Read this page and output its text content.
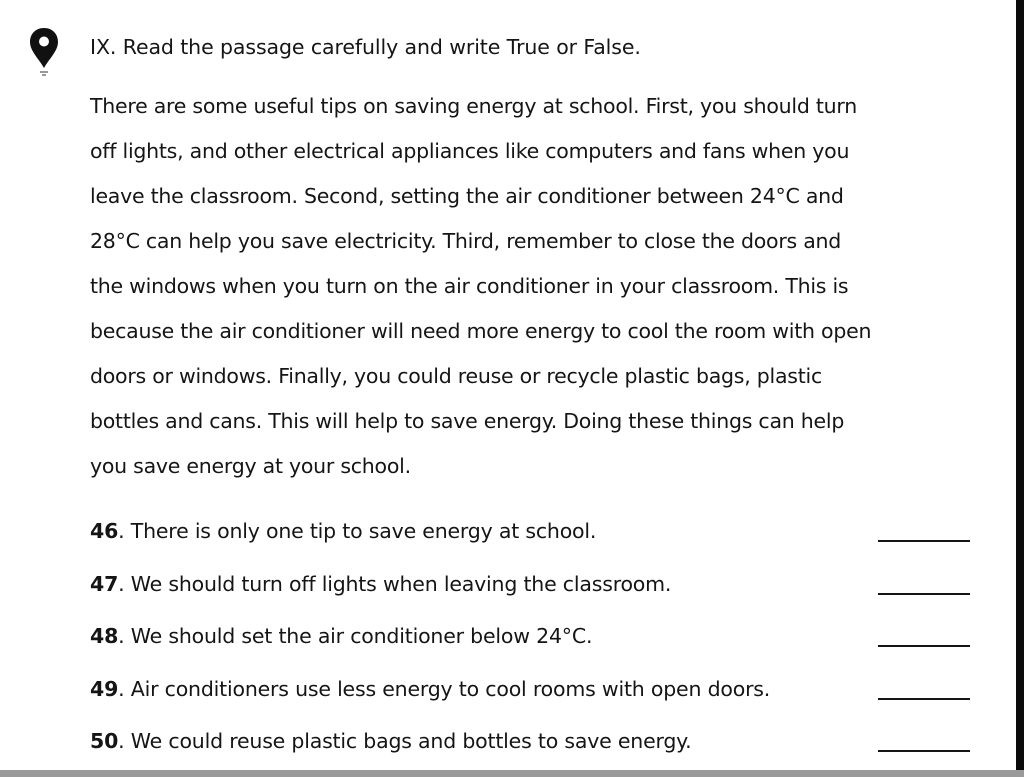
IX. Read the passage carefully and write True or False.
There are some useful tips on saving energy at school. First, you should turn
off lights, and other electrical appliances like computers and fans when you
leave the classroom. Second, setting the air conditioner between 24°C and
28°C can help you save electricity. Third, remember to close the doors and
the windows when you turn on the air conditioner in your classroom. This is
because the air conditioner will need more energy to cool the room with open
doors or windows. Finally, you could reuse or recycle plastic bags, plastic
bottles and cans. This will help to save energy. Doing these things can help
you save energy at your school.
46. There is only one tip to save energy at school.
47. We should turn off lights when leaving the classroom.
48. We should set the air conditioner below 24°C.
49. Air conditioners use less energy to cool rooms with open doors.
50. We could reuse plastic bags and bottles to save energy.
